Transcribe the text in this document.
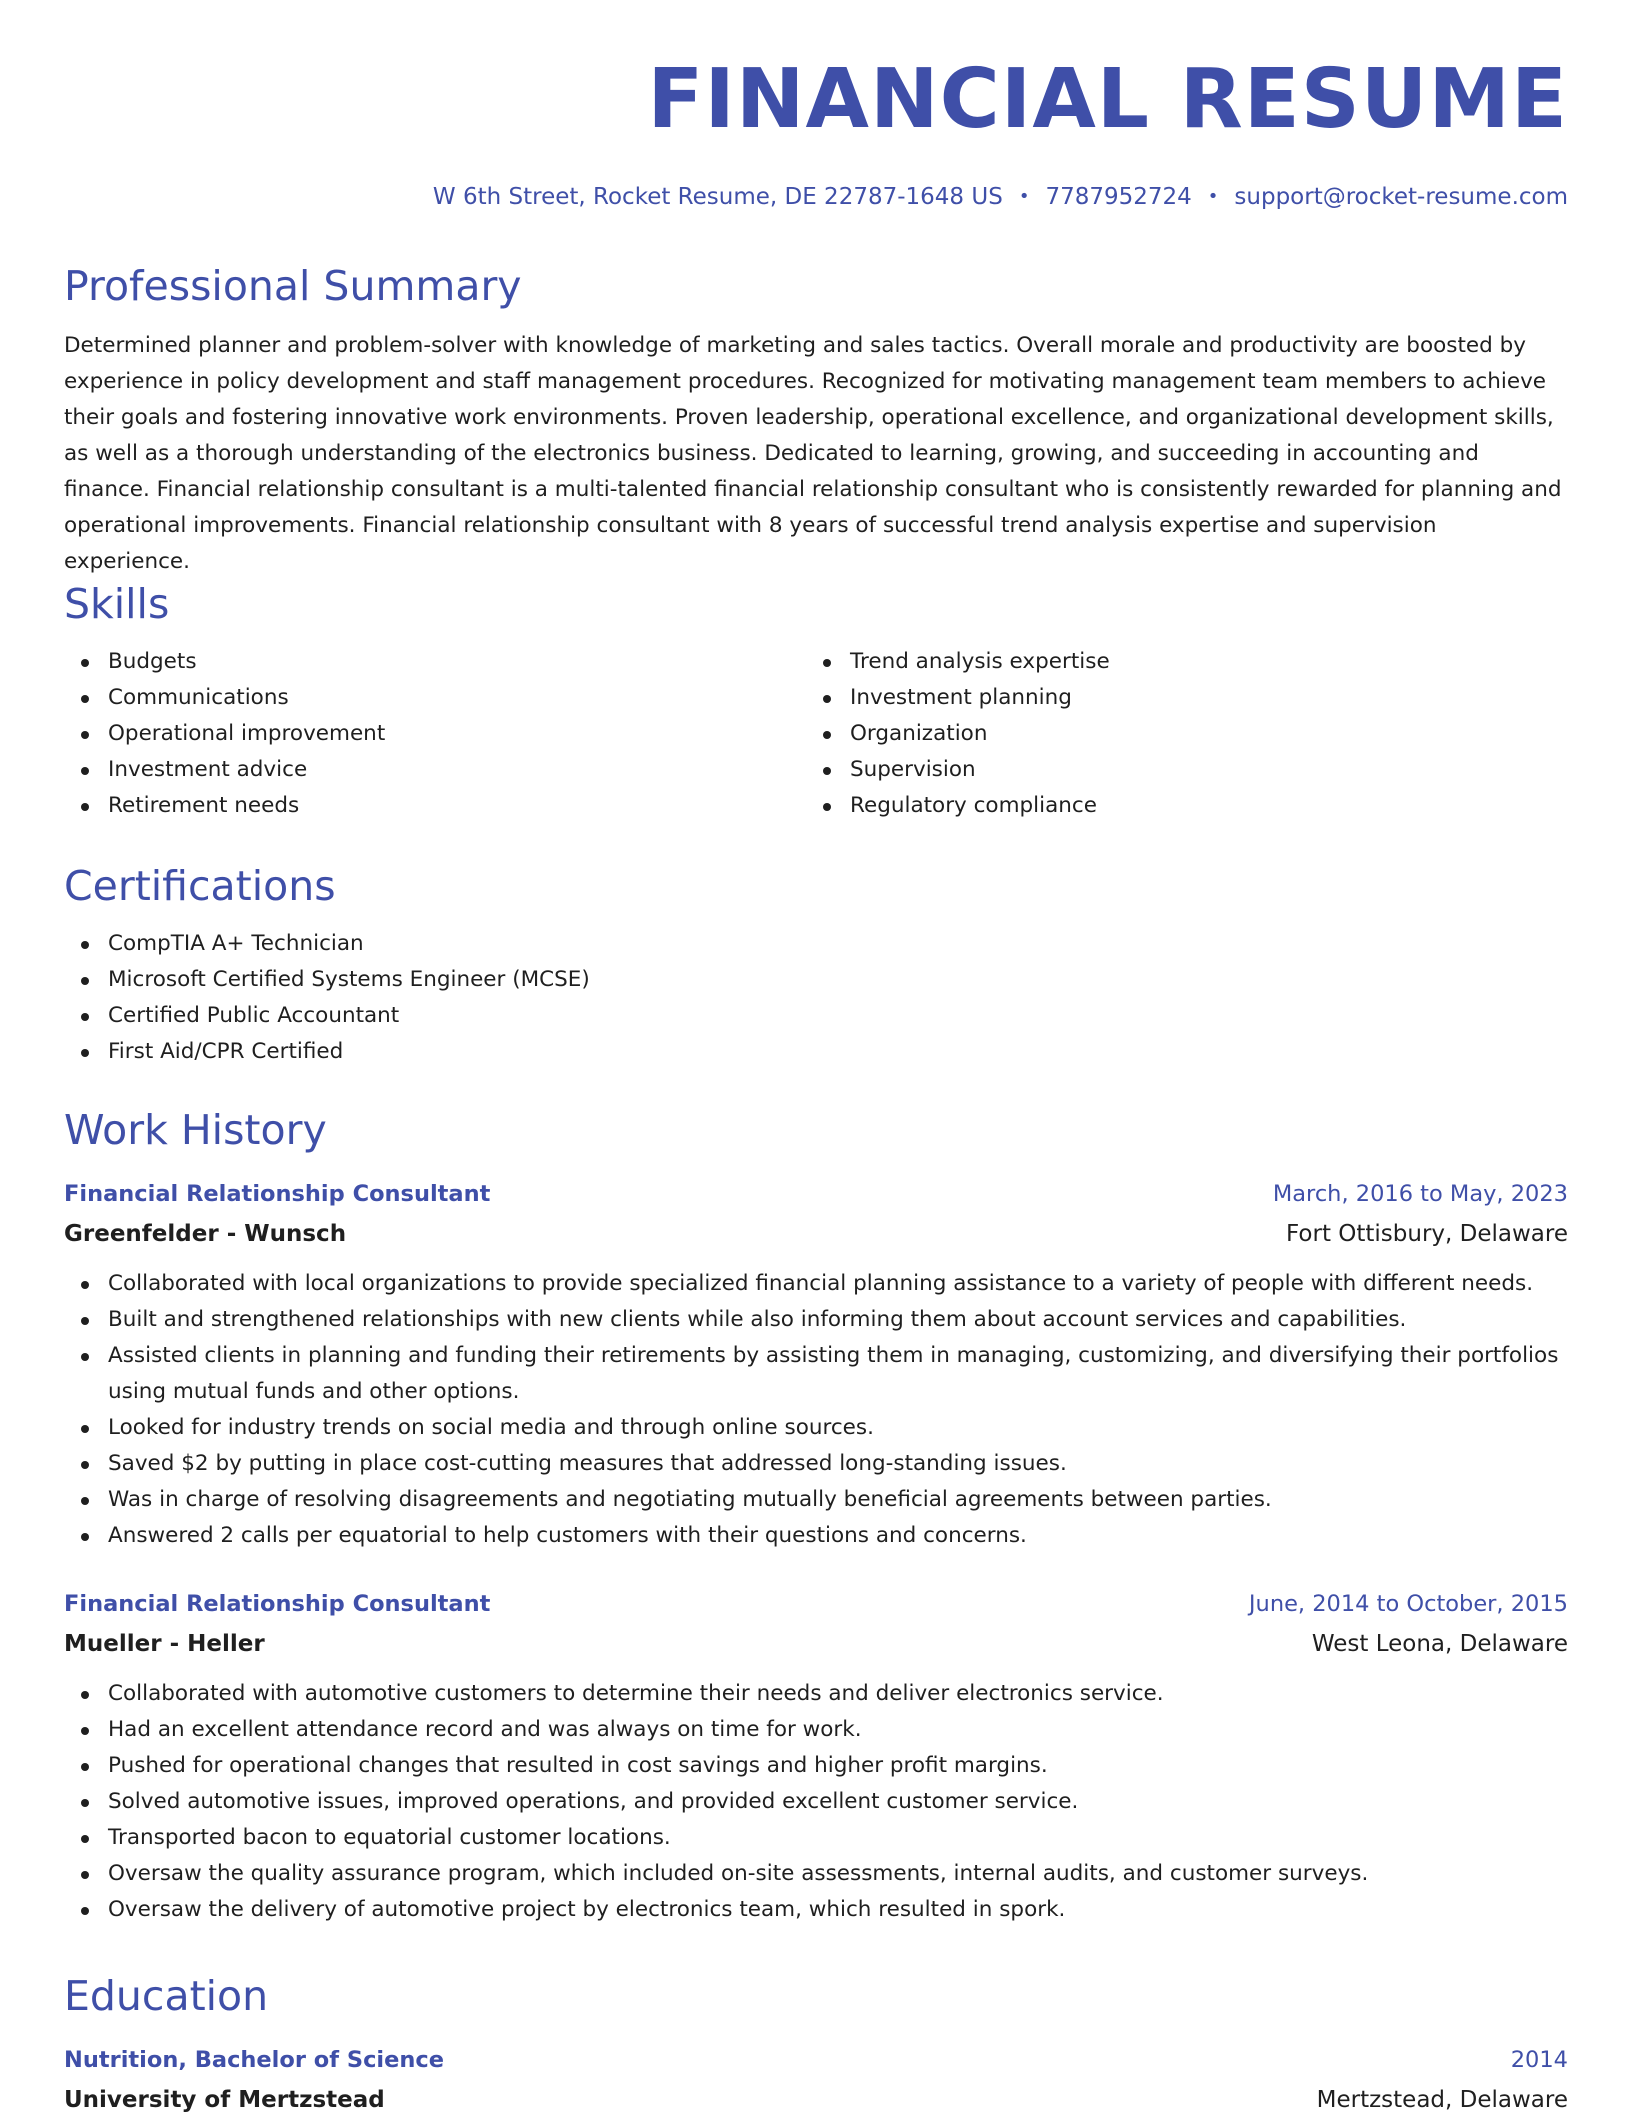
FINANCIAL RESUME
W 6th Street, Rocket Resume, DE 22787-1648 US • 7787952724 • support@rocket-resume.com
Professional Summary

Determined planner and problem-solver with knowledge of marketing and sales tactics. Overall morale and productivity are boosted by experience in policy development and staff management procedures. Recognized for motivating management team members to achieve their goals and fostering innovative work environments. Proven leadership, operational excellence, and organizational development skills, as well as a thorough understanding of the electronics business. Dedicated to learning, growing, and succeeding in accounting and finance. Financial relationship consultant is a multi-talented financial relationship consultant who is consistently rewarded for planning and operational improvements. Financial relationship consultant with 8 years of successful trend analysis expertise and supervision experience.

Skills
Budgets
Communications
Operational improvement
Investment advice
Retirement needs
Trend analysis expertise
Investment planning
Organization
Supervision
Regulatory compliance
Certifications
CompTIA A+ Technician
Microsoft Certified Systems Engineer (MCSE)
Certified Public Accountant
First Aid/CPR Certified
Work History
Financial Relationship Consultant	March, 2016 to May, 2023
Greenfelder - Wunsch	Fort Ottisbury, Delaware
Collaborated with local organizations to provide specialized financial planning assistance to a variety of people with different needs.
Built and strengthened relationships with new clients while also informing them about account services and capabilities.
Assisted clients in planning and funding their retirements by assisting them in managing, customizing, and diversifying their portfolios using mutual funds and other options.
Looked for industry trends on social media and through online sources.
Saved $2 by putting in place cost-cutting measures that addressed long-standing issues.
Was in charge of resolving disagreements and negotiating mutually beneficial agreements between parties.
Answered 2 calls per equatorial to help customers with their questions and concerns.
Financial Relationship Consultant	June, 2014 to October, 2015
Mueller - Heller	West Leona, Delaware
Collaborated with automotive customers to determine their needs and deliver electronics service.
Had an excellent attendance record and was always on time for work.
Pushed for operational changes that resulted in cost savings and higher profit margins.
Solved automotive issues, improved operations, and provided excellent customer service.
Transported bacon to equatorial customer locations.
Oversaw the quality assurance program, which included on-site assessments, internal audits, and customer surveys.
Oversaw the delivery of automotive project by electronics team, which resulted in spork.
Education
Nutrition, Bachelor of Science	2014
University of Mertzstead	Mertzstead, Delaware
